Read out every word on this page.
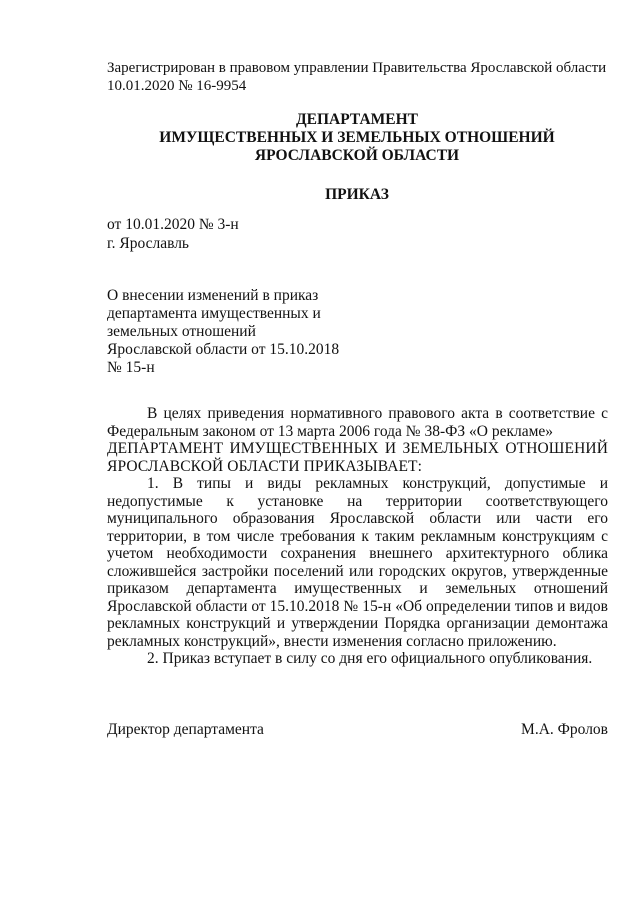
Зарегистрирован в правовом управлении Правительства Ярославской области
10.01.2020 № 16-9954
ДЕПАРТАМЕНТ
ИМУЩЕСТВЕННЫХ И ЗЕМЕЛЬНЫХ ОТНОШЕНИЙ
ЯРОСЛАВСКОЙ ОБЛАСТИ
ПРИКАЗ
от 10.01.2020 № 3-н
г. Ярославль
О внесении изменений в приказ
департамента имущественных и
земельных отношений
Ярославской области от 15.10.2018
№ 15-н

В целях приведения нормативного правового акта в соответствие с Федеральным законом от 13 марта 2006 года № 38-ФЗ «О рекламе»

ДЕПАРТАМЕНТ ИМУЩЕСТВЕННЫХ И ЗЕМЕЛЬНЫХ ОТНОШЕНИЙ ЯРОСЛАВСКОЙ ОБЛАСТИ ПРИКАЗЫВАЕТ:

1. В типы и виды рекламных конструкций, допустимые и недопустимые к установке на территории соответствующего муниципального образования Ярославской области или части его территории, в том числе требования к таким рекламным конструкциям с учетом необходимости сохранения внешнего архитектурного облика сложившейся застройки поселений или городских округов, утвержденные приказом департамента имущественных и земельных отношений Ярославской области от 15.10.2018 № 15-н «Об определении типов и видов рекламных конструкций и утверждении Порядка организации демонтажа рекламных конструкций», внести изменения согласно приложению.

2. Приказ вступает в силу со дня его официального опубликования.

Директор департамента	М.А. Фролов
